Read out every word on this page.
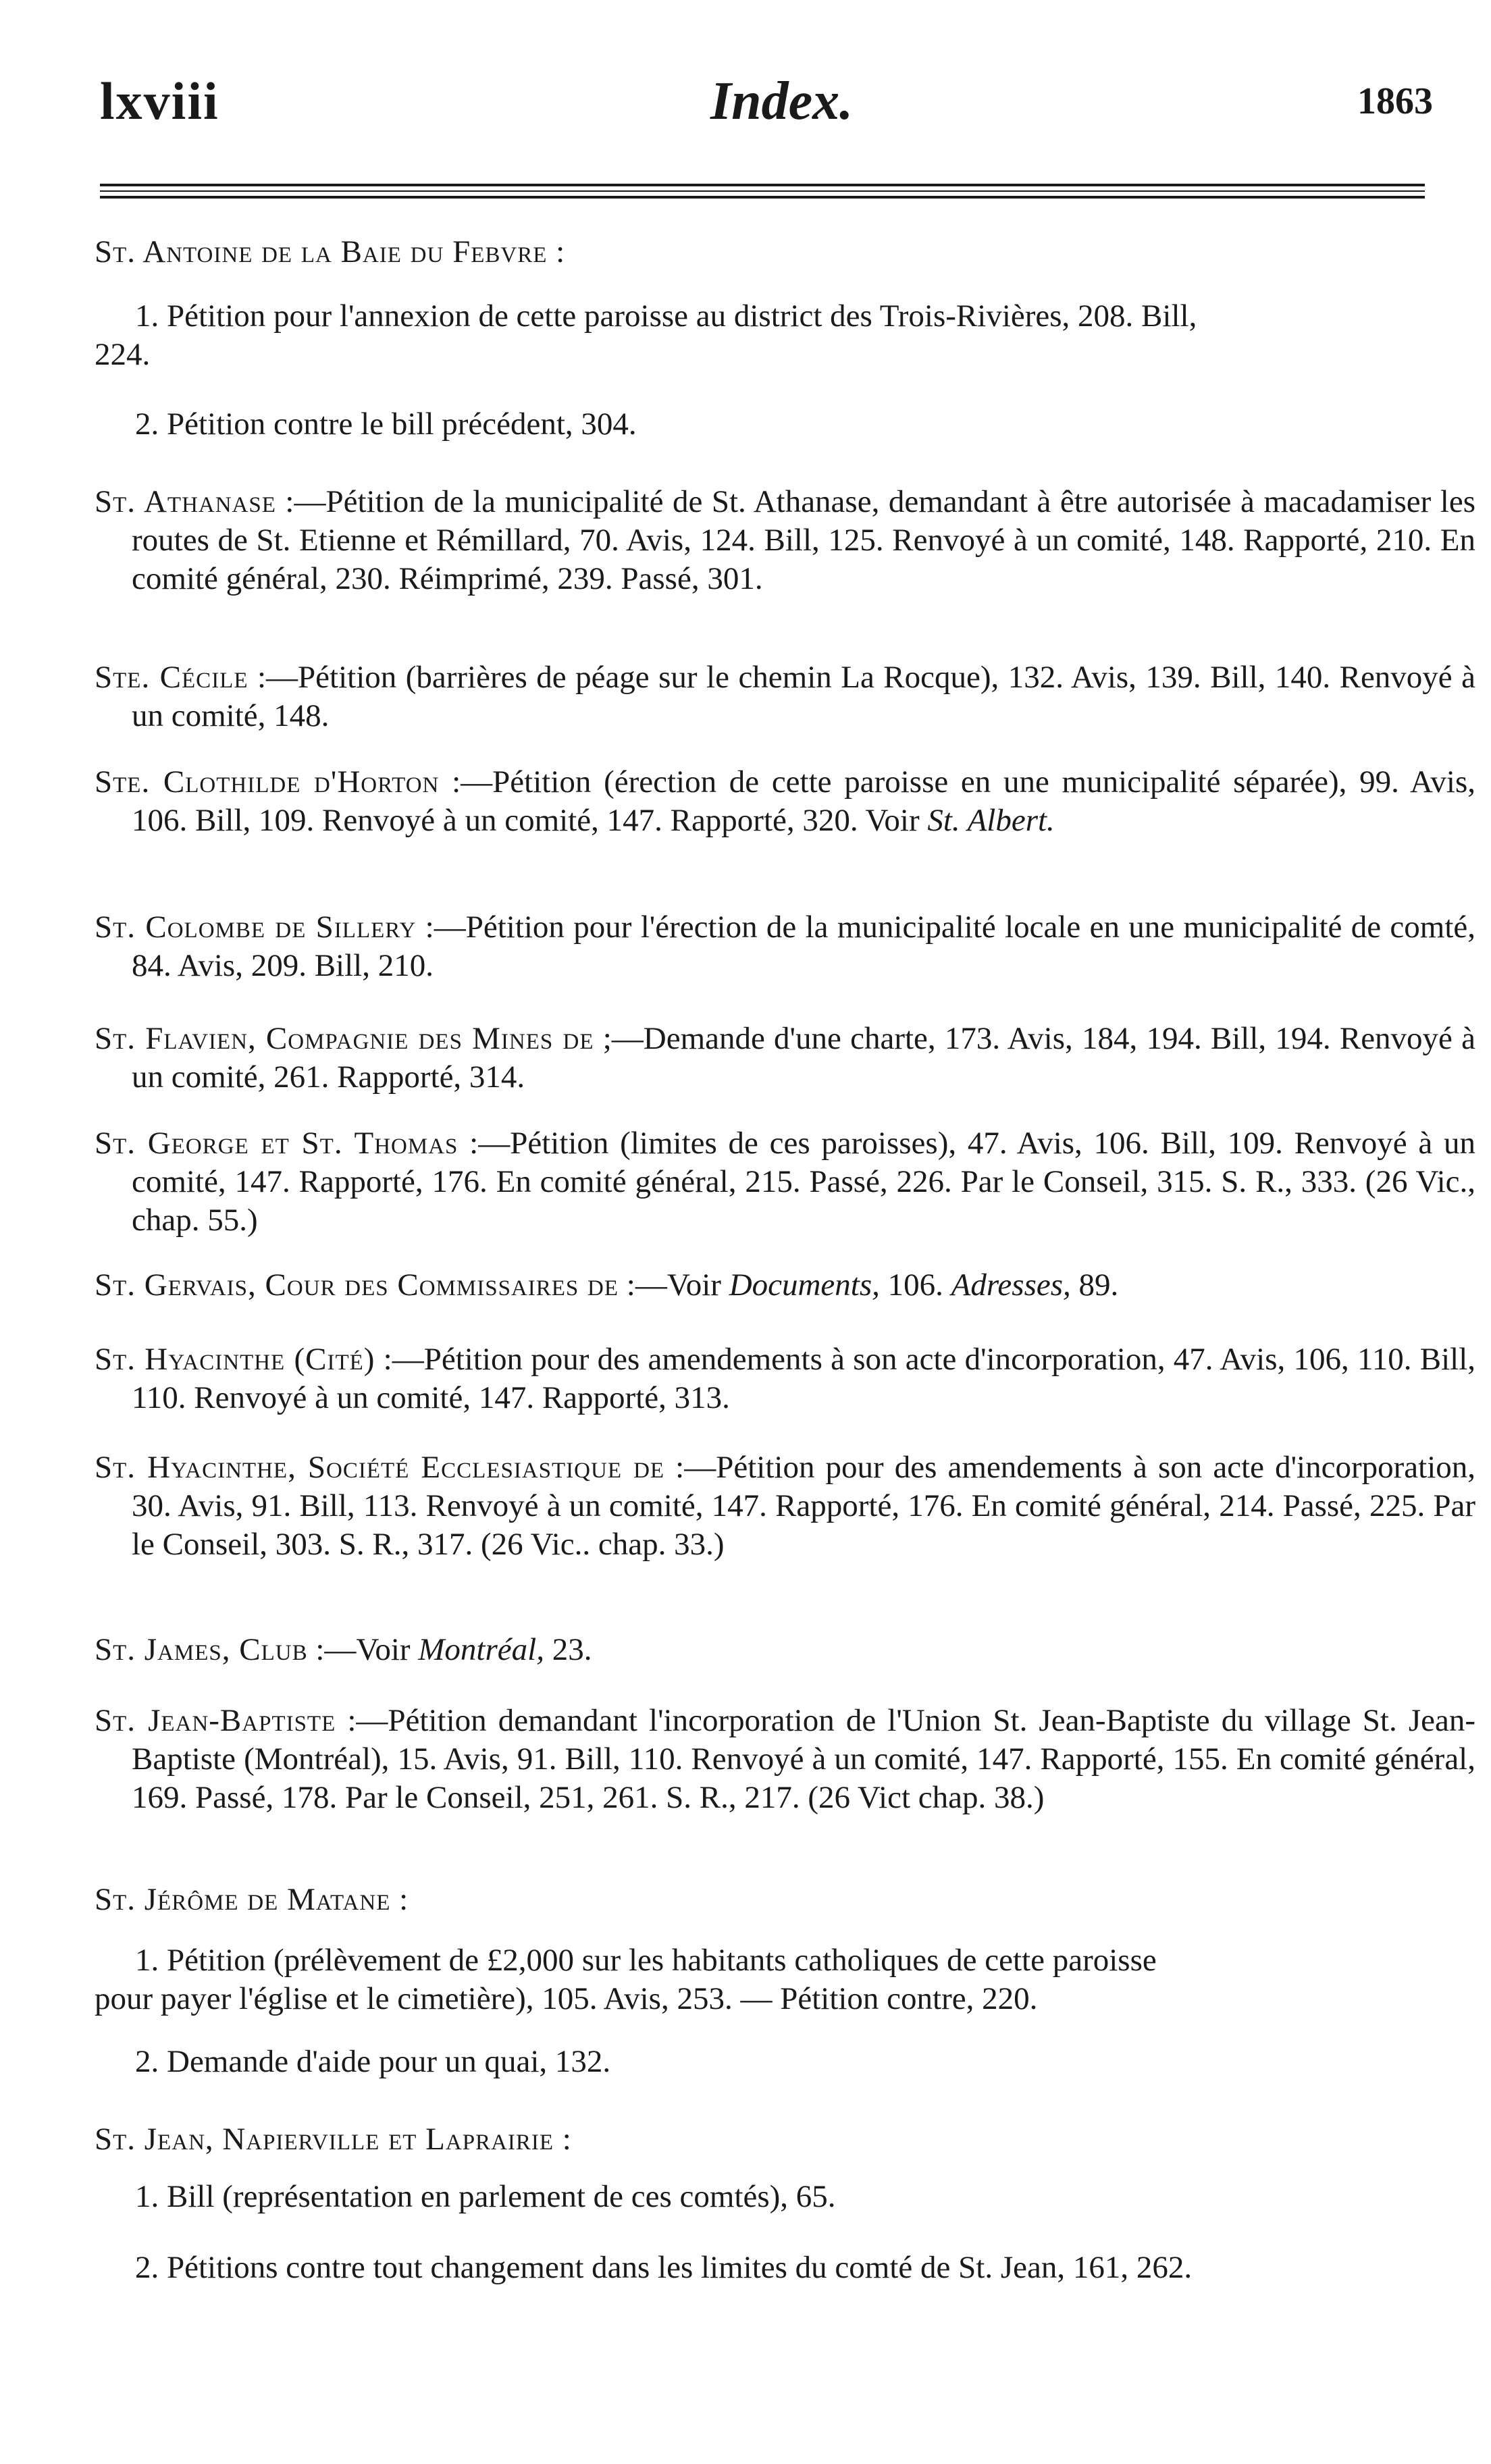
lxviii	Index.	1863
St. Antoine de la Baie du Febvre :
1. Pétition pour l'annexion de cette paroisse au district des Trois-Rivières, 208. Bill,

224.
2. Pétition contre le bill précédent, 304.
St. Athanase :—Pétition de la municipalité de St. Athanase, demandant à être autorisée à macadamiser les routes de St. Etienne et Rémillard, 70. Avis, 124. Bill, 125. Renvoyé à un comité, 148. Rapporté, 210. En comité général, 230. Réimprimé, 239. Passé, 301.
Ste. Cécile :—Pétition (barrières de péage sur le chemin La Rocque), 132. Avis, 139. Bill, 140. Renvoyé à un comité, 148.
Ste. Clothilde d'Horton :—Pétition (érection de cette paroisse en une municipalité séparée), 99. Avis, 106. Bill, 109. Renvoyé à un comité, 147. Rapporté, 320. Voir St. Albert.
St. Colombe de Sillery :—Pétition pour l'érection de la municipalité locale en une municipalité de comté, 84. Avis, 209. Bill, 210.
St. Flavien, Compagnie des Mines de ;—Demande d'une charte, 173. Avis, 184, 194. Bill, 194. Renvoyé à un comité, 261. Rapporté, 314.
St. George et St. Thomas :—Pétition (limites de ces paroisses), 47. Avis, 106. Bill, 109. Renvoyé à un comité, 147. Rapporté, 176. En comité général, 215. Passé, 226. Par le Conseil, 315. S. R., 333. (26 Vic., chap. 55.)
St. Gervais, Cour des Commissaires de :—Voir Documents, 106. Adresses, 89.
St. Hyacinthe (Cité) :—Pétition pour des amendements à son acte d'incorporation, 47. Avis, 106, 110. Bill, 110. Renvoyé à un comité, 147. Rapporté, 313.
St. Hyacinthe, Société Ecclesiastique de :—Pétition pour des amendements à son acte d'incorporation, 30. Avis, 91. Bill, 113. Renvoyé à un comité, 147. Rapporté, 176. En comité général, 214. Passé, 225. Par le Conseil, 303. S. R., 317. (26 Vic.. chap. 33.)
St. James, Club :—Voir Montréal, 23.
St. Jean-Baptiste :—Pétition demandant l'incorporation de l'Union St. Jean-Baptiste du village St. Jean-Baptiste (Montréal), 15. Avis, 91. Bill, 110. Renvoyé à un comité, 147. Rapporté, 155. En comité général, 169. Passé, 178. Par le Conseil, 251, 261. S. R., 217. (26 Vict chap. 38.)
St. Jérôme de Matane :
1. Pétition (prélèvement de £2,000 sur les habitants catholiques de cette paroisse

pour payer l'église et le cimetière), 105. Avis, 253. — Pétition contre, 220.
2. Demande d'aide pour un quai, 132.
St. Jean, Napierville et Laprairie :
1. Bill (représentation en parlement de ces comtés), 65.
2. Pétitions contre tout changement dans les limites du comté de St. Jean, 161, 262.
